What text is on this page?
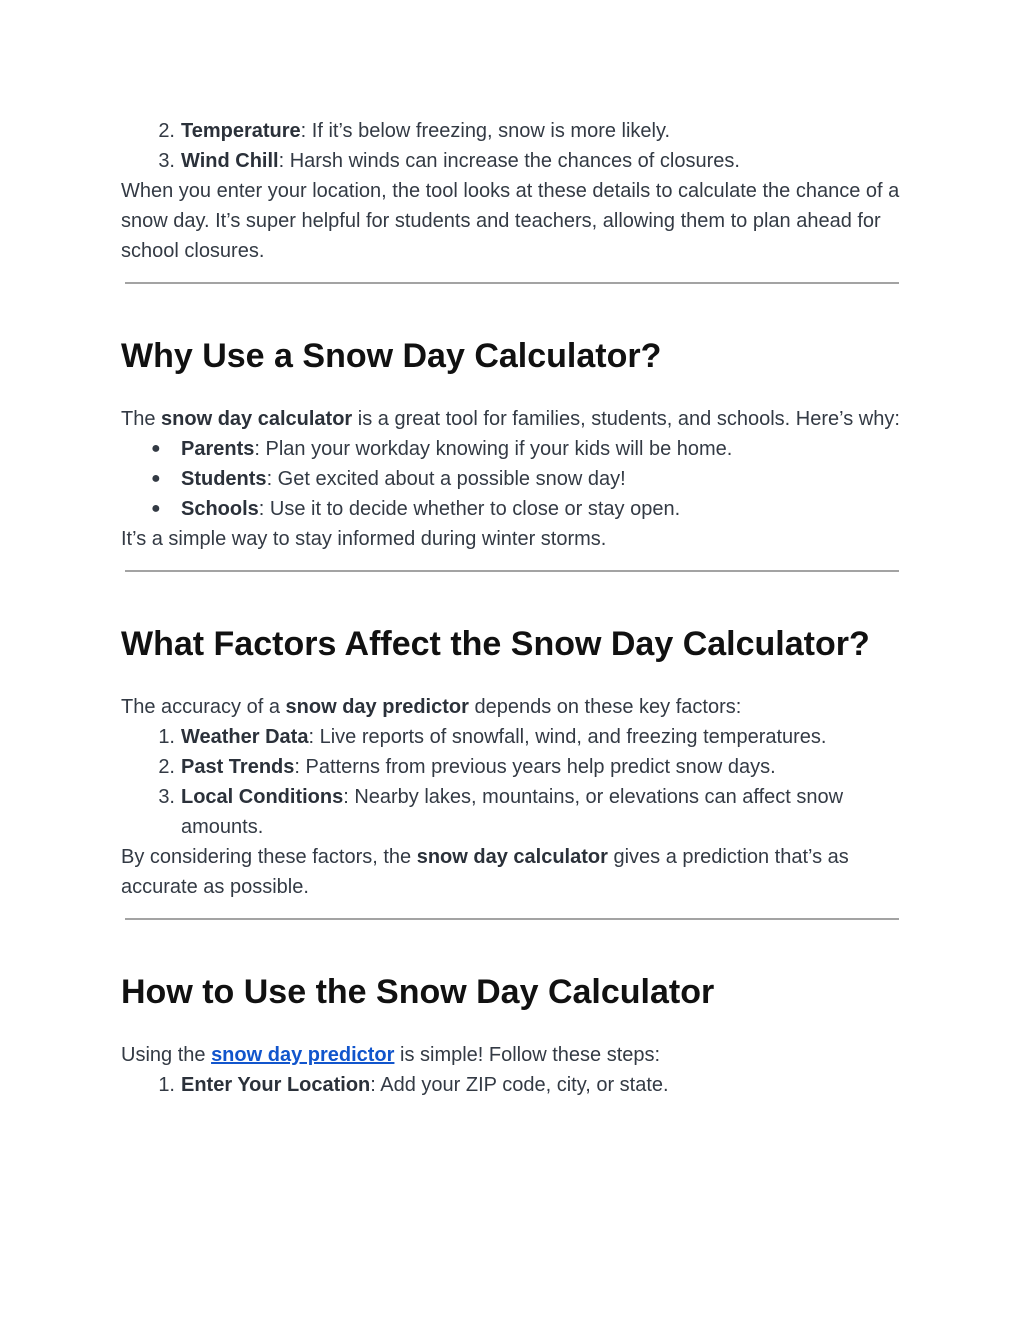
2. Temperature: If it’s below freezing, snow is more likely.
3. Wind Chill: Harsh winds can increase the chances of closures.

When you enter your location, the tool looks at these details to calculate the chance of a snow day. It’s super helpful for students and teachers, allowing them to plan ahead for school closures.

Why Use a Snow Day Calculator?

The snow day calculator is a great tool for families, students, and schools. Here’s why:

●	Parents: Plan your workday knowing if your kids will be home.
●	Students: Get excited about a possible snow day!
●	Schools: Use it to decide whether to close or stay open.

It’s a simple way to stay informed during winter storms.

What Factors Affect the Snow Day Calculator?

The accuracy of a snow day predictor depends on these key factors:

1. Weather Data: Live reports of snowfall, wind, and freezing temperatures.
2. Past Trends: Patterns from previous years help predict snow days.
3. Local Conditions: Nearby lakes, mountains, or elevations can affect snow amounts.

By considering these factors, the snow day calculator gives a prediction that’s as accurate as possible.

How to Use the Snow Day Calculator

Using the snow day predictor is simple! Follow these steps:

1. Enter Your Location: Add your ZIP code, city, or state.
